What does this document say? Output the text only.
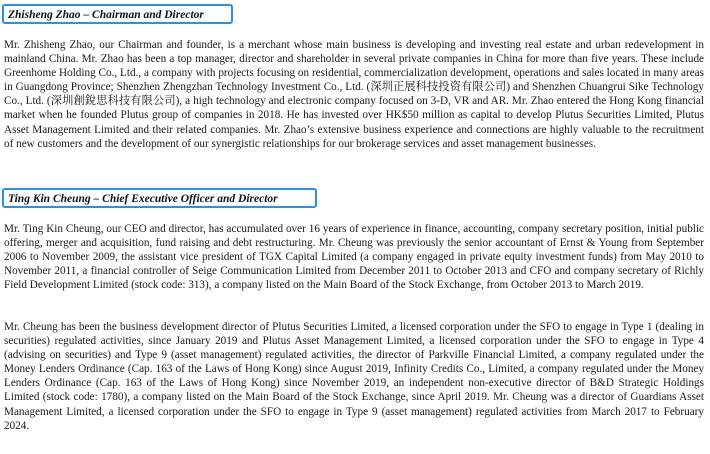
Zhisheng Zhao – Chairman and Director

Mr. Zhisheng Zhao, our Chairman and founder, is a merchant whose main business is developing and investing real estate and urban redevelopment in mainland China. Mr. Zhao has been a top manager, director and shareholder in several private companies in China for more than five years. These include Greenhome Holding Co., Ltd., a company with projects focusing on residential, commercialization development, operations and sales located in many areas in Guangdong Province; Shenzhen Zhengzhan Technology Investment Co., Ltd. (深圳正展科技投资有限公司) and Shenzhen Chuangrui Sike Technology Co., Ltd. (深圳創銳思科技有限公司), a high technology and electronic company focused on 3-D, VR and AR. Mr. Zhao entered the Hong Kong financial market when he founded Plutus group of companies in 2018. He has invested over HK$50 million as capital to develop Plutus Securities Limited, Plutus Asset Management Limited and their related companies. Mr. Zhao’s extensive business experience and connections are highly valuable to the recruitment of new customers and the development of our synergistic relationships for our brokerage services and asset management businesses.

Ting Kin Cheung – Chief Executive Officer and Director

Mr. Ting Kin Cheung, our CEO and director, has accumulated over 16 years of experience in finance, accounting, company secretary position, initial public offering, merger and acquisition, fund raising and debt restructuring. Mr. Cheung was previously the senior accountant of Ernst & Young from September 2006 to November 2009, the assistant vice president of TGX Capital Limited (a company engaged in private equity investment funds) from May 2010 to November 2011, a financial controller of Seige Communication Limited from December 2011 to October 2013 and CFO and company secretary of Richly Field Development Limited (stock code: 313), a company listed on the Main Board of the Stock Exchange, from October 2013 to March 2019.

Mr. Cheung has been the business development director of Plutus Securities Limited, a licensed corporation under the SFO to engage in Type 1 (dealing in securities) regulated activities, since January 2019 and Plutus Asset Management Limited, a licensed corporation under the SFO to engage in Type 4 (advising on securities) and Type 9 (asset management) regulated activities, the director of Parkville Financial Limited, a company regulated under the Money Lenders Ordinance (Cap. 163 of the Laws of Hong Kong) since August 2019, Infinity Credits Co., Limited, a company regulated under the Money Lenders Ordinance (Cap. 163 of the Laws of Hong Kong) since November 2019, an independent non-executive director of B&D Strategic Holdings Limited (stock code: 1780), a company listed on the Main Board of the Stock Exchange, since April 2019. Mr. Cheung was a director of Guardians Asset Management Limited, a licensed corporation under the SFO to engage in Type 9 (asset management) regulated activities from March 2017 to February 2024.
